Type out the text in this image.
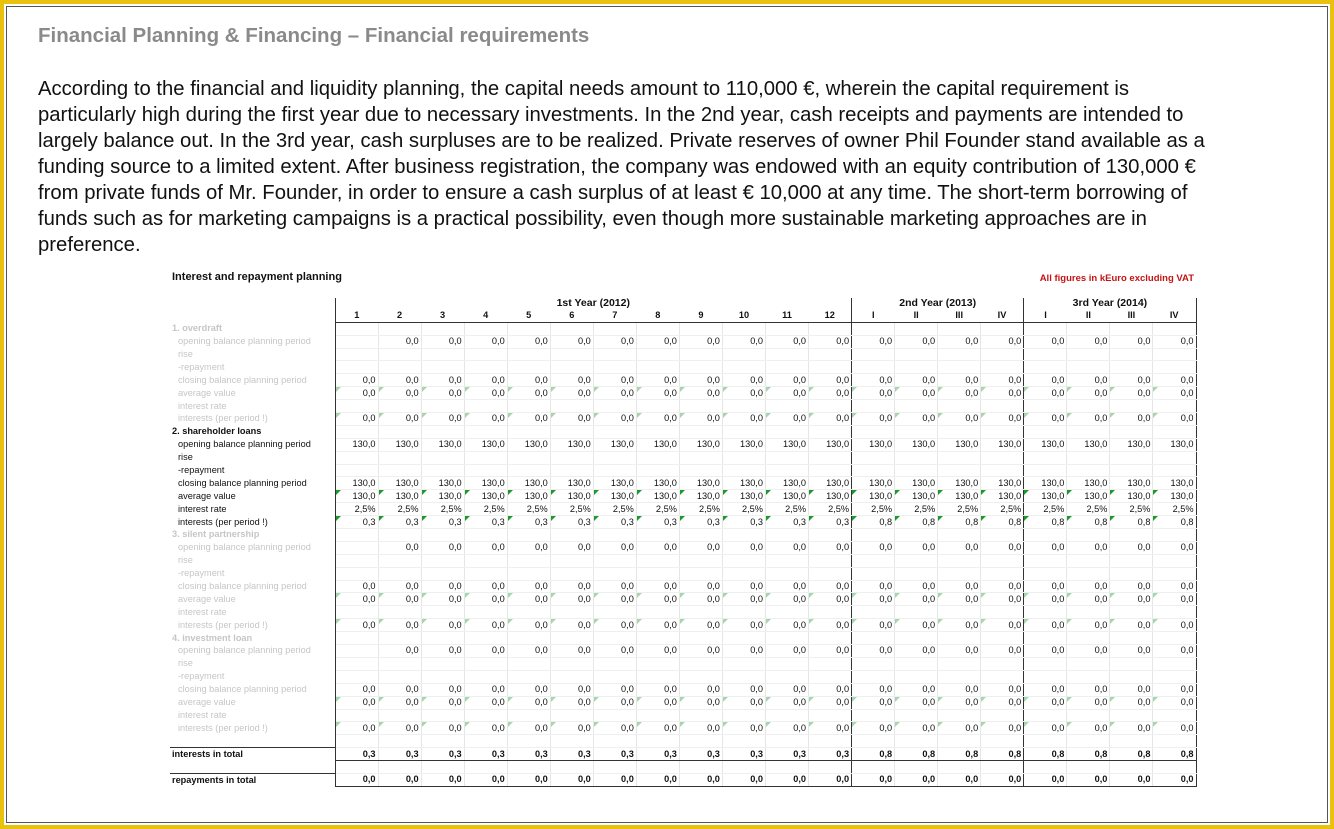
Financial Planning & Financing – Financial requirements

According to the financial and liquidity planning, the capital needs amount to 110,000 €, wherein the capital requirement is

particularly high during the first year due to necessary investments. In the 2nd year, cash receipts and payments are intended to

largely balance out. In the 3rd year, cash surpluses are to be realized. Private reserves of owner Phil Founder stand available as a

funding source to a limited extent. After business registration, the company was endowed with an equity contribution of 130,000 €

from private funds of Mr. Founder, in order to ensure a cash surplus of at least € 10,000 at any time. The short-term borrowing of

funds such as for marketing campaigns is a practical possibility, even though more sustainable marketing approaches are in

preference.

Interest and repayment planning	All figures in kEuro excluding VAT
	1st Year (2012)												2nd Year (2013)				3rd Year (2014)			
	1	2	3	4	5	6	7	8	9	10	11	12	I	II	III	IV	I	II	III	IV
1. overdraft																				
opening balance planning period		0,0	0,0	0,0	0,0	0,0	0,0	0,0	0,0	0,0	0,0	0,0	0,0	0,0	0,0	0,0	0,0	0,0	0,0	0,0
rise																				
-repayment																				
closing balance planning period	0,0	0,0	0,0	0,0	0,0	0,0	0,0	0,0	0,0	0,0	0,0	0,0	0,0	0,0	0,0	0,0	0,0	0,0	0,0	0,0
average value	0,0	0,0	0,0	0,0	0,0	0,0	0,0	0,0	0,0	0,0	0,0	0,0	0,0	0,0	0,0	0,0	0,0	0,0	0,0	0,0
interest rate																				
interests (per period !)	0,0	0,0	0,0	0,0	0,0	0,0	0,0	0,0	0,0	0,0	0,0	0,0	0,0	0,0	0,0	0,0	0,0	0,0	0,0	0,0
2. shareholder loans																				
opening balance planning period	130,0	130,0	130,0	130,0	130,0	130,0	130,0	130,0	130,0	130,0	130,0	130,0	130,0	130,0	130,0	130,0	130,0	130,0	130,0	130,0
rise																				
-repayment																				
closing balance planning period	130,0	130,0	130,0	130,0	130,0	130,0	130,0	130,0	130,0	130,0	130,0	130,0	130,0	130,0	130,0	130,0	130,0	130,0	130,0	130,0
average value	130,0	130,0	130,0	130,0	130,0	130,0	130,0	130,0	130,0	130,0	130,0	130,0	130,0	130,0	130,0	130,0	130,0	130,0	130,0	130,0
interest rate	2,5%	2,5%	2,5%	2,5%	2,5%	2,5%	2,5%	2,5%	2,5%	2,5%	2,5%	2,5%	2,5%	2,5%	2,5%	2,5%	2,5%	2,5%	2,5%	2,5%
interests (per period !)	0,3	0,3	0,3	0,3	0,3	0,3	0,3	0,3	0,3	0,3	0,3	0,3	0,8	0,8	0,8	0,8	0,8	0,8	0,8	0,8
3. silent partnership																				
opening balance planning period		0,0	0,0	0,0	0,0	0,0	0,0	0,0	0,0	0,0	0,0	0,0	0,0	0,0	0,0	0,0	0,0	0,0	0,0	0,0
rise																				
-repayment																				
closing balance planning period	0,0	0,0	0,0	0,0	0,0	0,0	0,0	0,0	0,0	0,0	0,0	0,0	0,0	0,0	0,0	0,0	0,0	0,0	0,0	0,0
average value	0,0	0,0	0,0	0,0	0,0	0,0	0,0	0,0	0,0	0,0	0,0	0,0	0,0	0,0	0,0	0,0	0,0	0,0	0,0	0,0
interest rate																				
interests (per period !)	0,0	0,0	0,0	0,0	0,0	0,0	0,0	0,0	0,0	0,0	0,0	0,0	0,0	0,0	0,0	0,0	0,0	0,0	0,0	0,0
4. investment loan																				
opening balance planning period		0,0	0,0	0,0	0,0	0,0	0,0	0,0	0,0	0,0	0,0	0,0	0,0	0,0	0,0	0,0	0,0	0,0	0,0	0,0
rise																				
-repayment																				
closing balance planning period	0,0	0,0	0,0	0,0	0,0	0,0	0,0	0,0	0,0	0,0	0,0	0,0	0,0	0,0	0,0	0,0	0,0	0,0	0,0	0,0
average value	0,0	0,0	0,0	0,0	0,0	0,0	0,0	0,0	0,0	0,0	0,0	0,0	0,0	0,0	0,0	0,0	0,0	0,0	0,0	0,0
interest rate																				
interests (per period !)	0,0	0,0	0,0	0,0	0,0	0,0	0,0	0,0	0,0	0,0	0,0	0,0	0,0	0,0	0,0	0,0	0,0	0,0	0,0	0,0

interests in total	0,3	0,3	0,3	0,3	0,3	0,3	0,3	0,3	0,3	0,3	0,3	0,3	0,8	0,8	0,8	0,8	0,8	0,8	0,8	0,8

repayments in total	0,0	0,0	0,0	0,0	0,0	0,0	0,0	0,0	0,0	0,0	0,0	0,0	0,0	0,0	0,0	0,0	0,0	0,0	0,0	0,0
